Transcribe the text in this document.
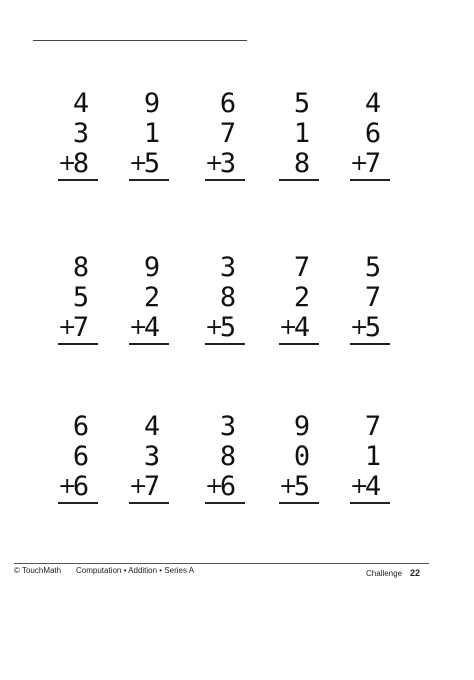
4
3
+
8
9
1
+
5
6
7
+
3
5
1
8
4
6
+
7
8
5
+
7
9
2
+
4
3
8
+
5
7
2
+
4
5
7
+
5
6
6
+
6
4
3
+
7
3
8
+
6
9
0
+
5
7
1
+
4
© TouchMath Computation • Addition • Series A	Challenge 22
